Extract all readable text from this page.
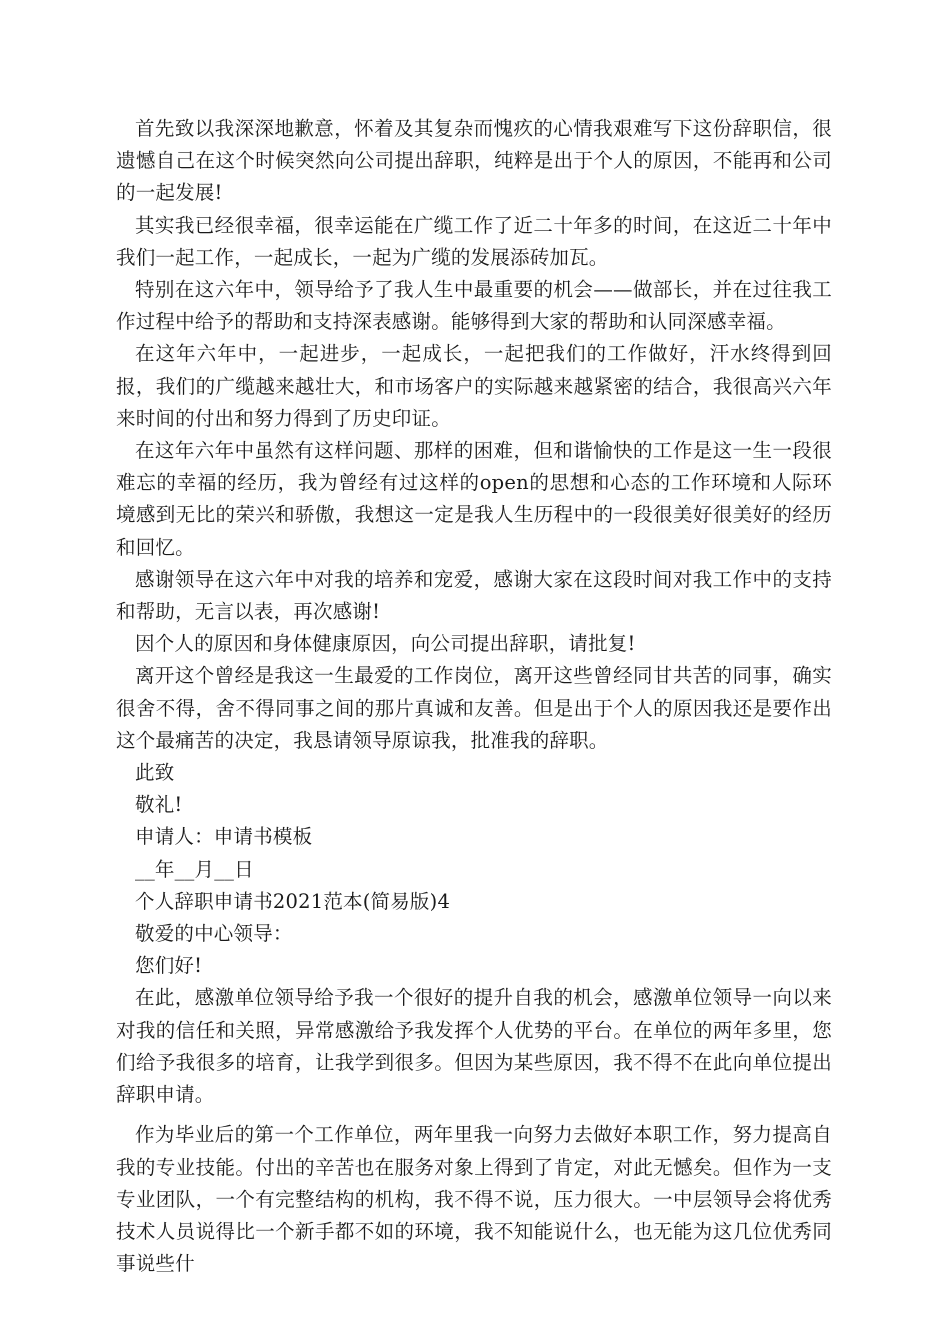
首先致以我深深地歉意，怀着及其复杂而愧疚的心情我艰难写下这份辞职信，很遗憾自己在这个时候突然向公司提出辞职，纯粹是出于个人的原因，不能再和公司的一起发展!

其实我已经很幸福，很幸运能在广缆工作了近二十年多的时间，在这近二十年中我们一起工作，一起成长，一起为广缆的发展添砖加瓦。

特别在这六年中，领导给予了我人生中最重要的机会——做部长，并在过往我工作过程中给予的帮助和支持深表感谢。能够得到大家的帮助和认同深感幸福。

在这年六年中，一起进步，一起成长，一起把我们的工作做好，汗水终得到回报，我们的广缆越来越壮大，和市场客户的实际越来越紧密的结合，我很高兴六年来时间的付出和努力得到了历史印证。

在这年六年中虽然有这样问题、那样的困难，但和谐愉快的工作是这一生一段很难忘的幸福的经历，我为曾经有过这样的open的思想和心态的工作环境和人际环境感到无比的荣兴和骄傲，我想这一定是我人生历程中的一段很美好很美好的经历和回忆。

感谢领导在这六年中对我的培养和宠爱，感谢大家在这段时间对我工作中的支持和帮助，无言以表，再次感谢!

因个人的原因和身体健康原因，向公司提出辞职，请批复!

离开这个曾经是我这一生最爱的工作岗位，离开这些曾经同甘共苦的同事，确实很舍不得，舍不得同事之间的那片真诚和友善。但是出于个人的原因我还是要作出这个最痛苦的决定，我恳请领导原谅我，批准我的辞职。

此致

敬礼!

申请人：申请书模板

__年__月__日

个人辞职申请书2021范本(简易版)4

敬爱的中心领导：

您们好!

在此，感激单位领导给予我一个很好的提升自我的机会，感激单位领导一向以来对我的信任和关照，异常感激给予我发挥个人优势的平台。在单位的两年多里，您们给予我很多的培育，让我学到很多。但因为某些原因，我不得不在此向单位提出辞职申请。

作为毕业后的第一个工作单位，两年里我一向努力去做好本职工作，努力提高自我的专业技能。付出的辛苦也在服务对象上得到了肯定，对此无憾矣。但作为一支专业团队，一个有完整结构的机构，我不得不说，压力很大。一中层领导会将优秀技术人员说得比一个新手都不如的环境，我不知能说什么，也无能为这几位优秀同事说些什
